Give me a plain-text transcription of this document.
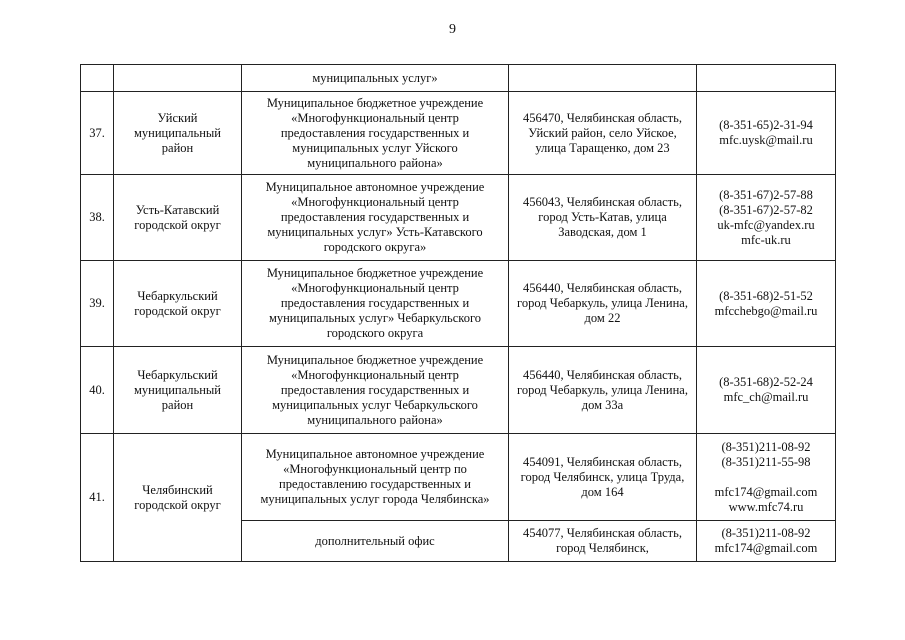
9
		муниципальных услуг»		
37.	Уйский
муниципальный
район	Муниципальное бюджетное учреждение
«Многофункциональный центр
предоставления государственных и
муниципальных услуг Уйского
муниципального района»	456470, Челябинская область,
Уйский район, село Уйское,
улица Таращенко, дом 23	(8-351-65)2-31-94
mfc.uysk@mail.ru
38.	Усть-Катавский
городской округ	Муниципальное автономное учреждение
«Многофункциональный центр
предоставления государственных и
муниципальных услуг» Усть-Катавского
городского округа»	456043, Челябинская область,
город Усть-Катав, улица
Заводская, дом 1	(8-351-67)2-57-88
(8-351-67)2-57-82
uk-mfc@yandex.ru
mfc-uk.ru
39.	Чебаркульский
городской округ	Муниципальное бюджетное учреждение
«Многофункциональный центр
предоставления государственных и
муниципальных услуг» Чебаркульского
городского округа	456440, Челябинская область,
город Чебаркуль, улица Ленина,
дом 22	(8-351-68)2-51-52
mfcchebgo@mail.ru
40.	Чебаркульский
муниципальный
район	Муниципальное бюджетное учреждение
«Многофункциональный центр
предоставления государственных и
муниципальных услуг Чебаркульского
муниципального района»	456440, Челябинская область,
город Чебаркуль, улица Ленина,
дом 33а	(8-351-68)2-52-24
mfc_ch@mail.ru
41.	Челябинский
городской округ	Муниципальное автономное учреждение
«Многофункциональный центр по
предоставлению государственных и
муниципальных услуг города Челябинска»	454091, Челябинская область,
город Челябинск, улица Труда,
дом 164	(8-351)211-08-92
(8-351)211-55-98

mfc174@gmail.com
www.mfc74.ru
		дополнительный офис	454077, Челябинская область,
город Челябинск,	(8-351)211-08-92
mfc174@gmail.com
